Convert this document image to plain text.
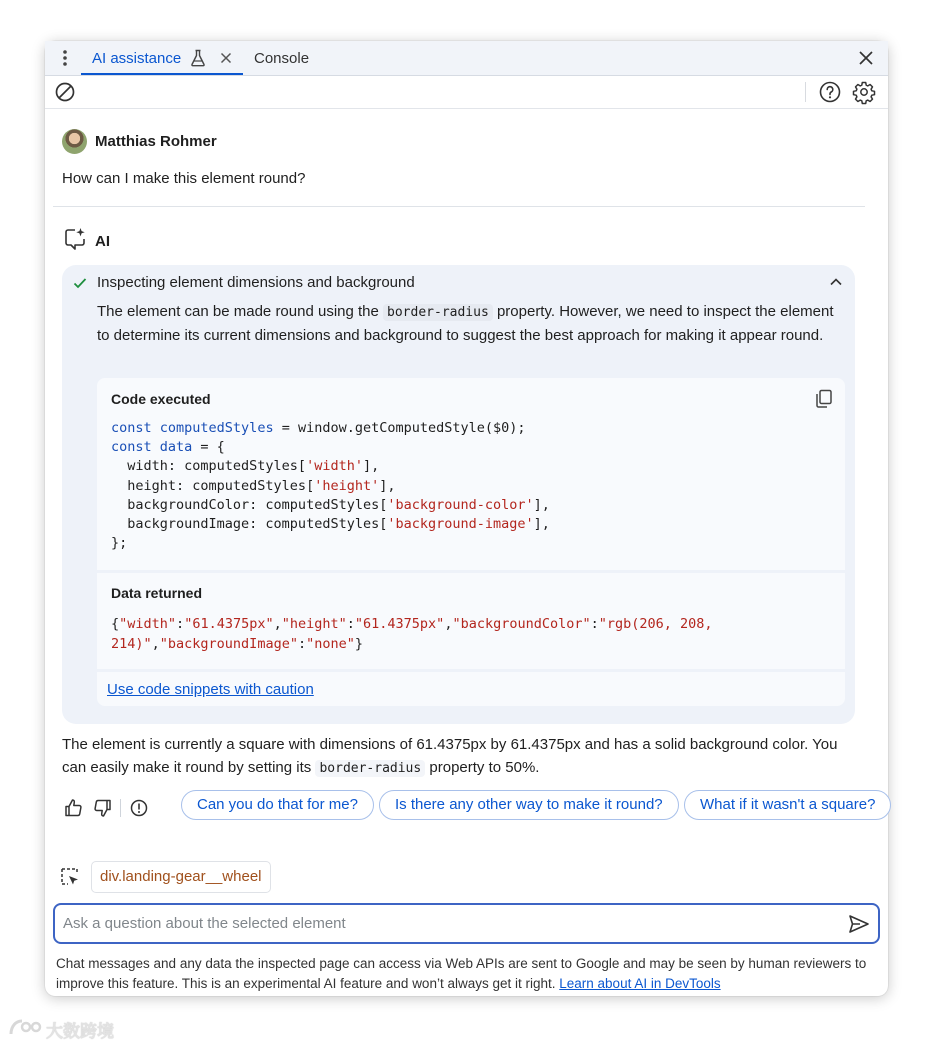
AI assistance	Console
Matthias Rohmer
How can I make this element round?
AI
Inspecting element dimensions and background
The element can be made round using the border-radius property. However, we need to inspect the element to determine its current dimensions and background to suggest the best approach for making it appear round.
Code executed
const computedStyles = window.getComputedStyle($0);
const data = {
width: computedStyles['width'],
height: computedStyles['height'],
backgroundColor: computedStyles['background-color'],
backgroundImage: computedStyles['background-image'],
};
Data returned
{"width":"61.4375px","height":"61.4375px","backgroundColor":"rgb(206, 208,
214)","backgroundImage":"none"}
Use code snippets with caution
The element is currently a square with dimensions of 61.4375px by 61.4375px and has a solid background color. You can easily make it round by setting its border-radius property to 50%.
Can you do that for me?	Is there any other way to make it round?	What if it wasn't a square?
div.landing-gear__wheel
Ask a question about the selected element
Chat messages and any data the inspected page can access via Web APIs are sent to Google and may be seen by human reviewers to improve this feature. This is an experimental AI feature and won’t always get it right. Learn about AI in DevTools
大数跨境
